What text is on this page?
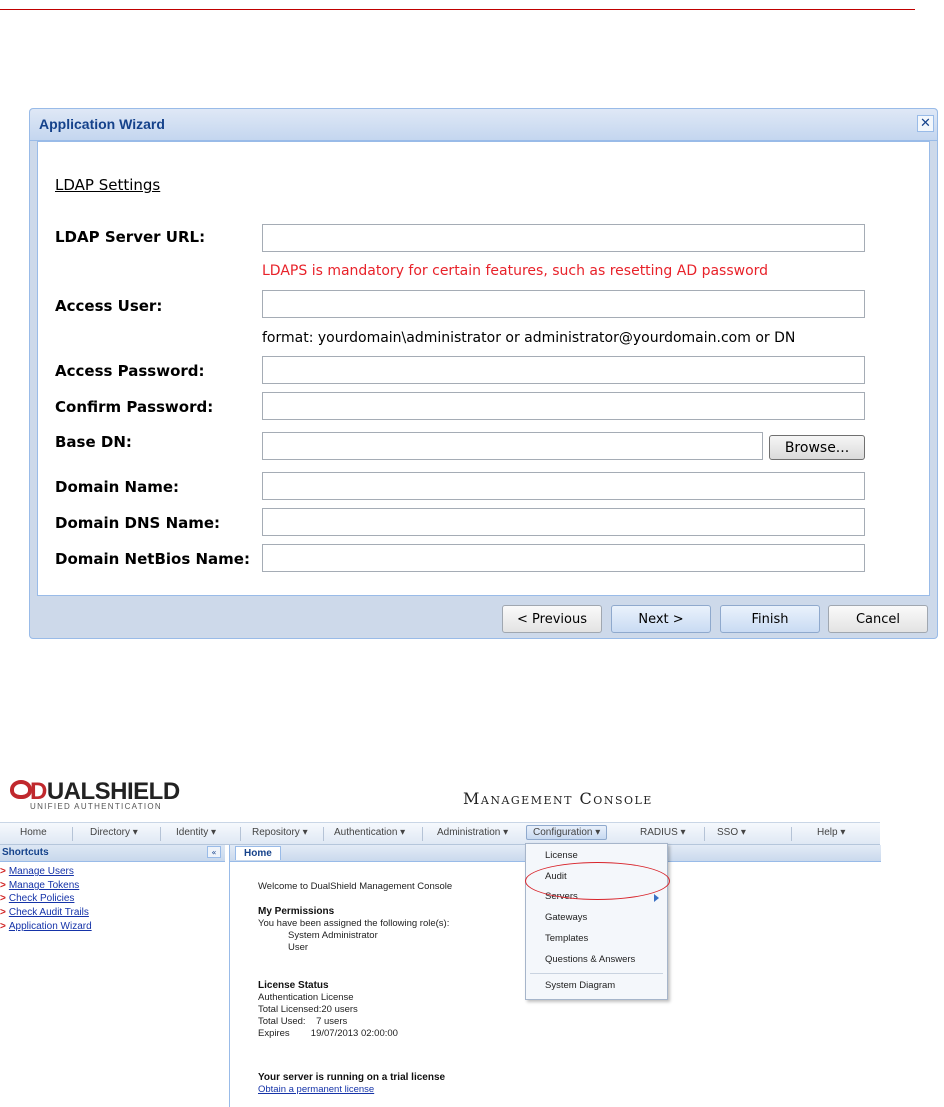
Application Wizard	✕
LDAP Settings
LDAP Server URL:
LDAPS is mandatory for certain features, such as resetting AD password
Access User:
format: yourdomain\administrator or administrator@yourdomain.com or DN
Access Password:
Confirm Password:
Base DN:	Browse...
Domain Name:
Domain DNS Name:
Domain NetBios Name:
< Previous	Next >	Finish	Cancel
DUALSHIELD
UNIFIED AUTHENTICATION	Management Console
Home	Directory ▾	Identity ▾	Repository ▾	Authentication ▾	Administration ▾	Configuration ▾	RADIUS ▾	SSO ▾	Help ▾
Shortcuts	«
> Manage Users
> Manage Tokens
> Check Policies
> Check Audit Trails
> Application Wizard
Home
Welcome to DualShield Management Console
My Permissions
You have been assigned the following role(s):
System Administrator
User
License Status
Authentication License
Total Licensed:20 users
Total Used:    7 users
Expires        19/07/2013 02:00:00
Your server is running on a trial license
Obtain a permanent license
License
Audit
Servers
Gateways
Templates
Questions & Answers
System Diagram
